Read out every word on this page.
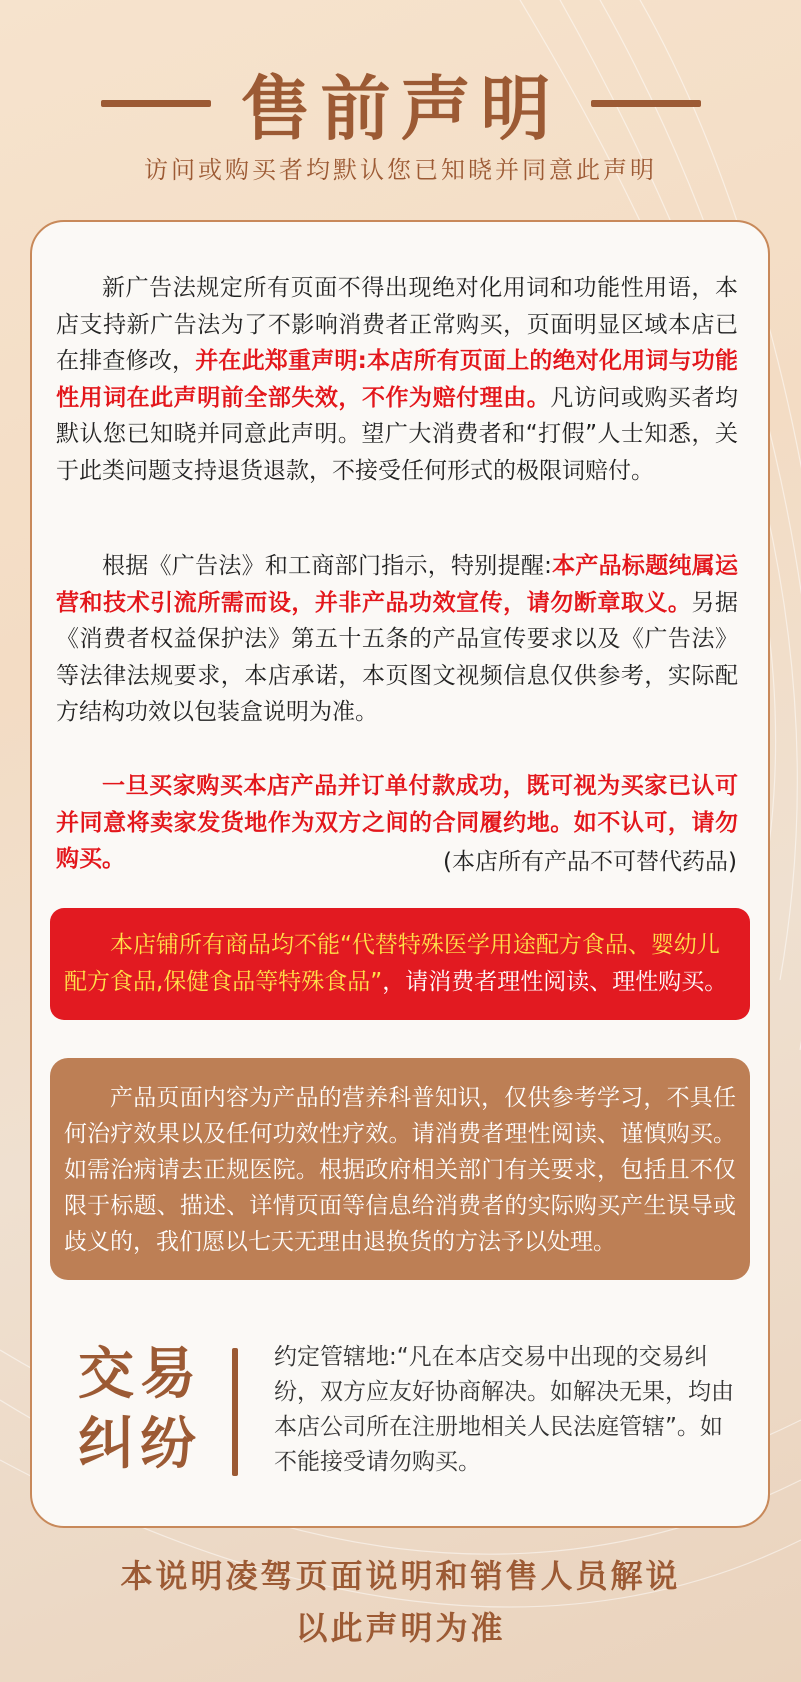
售前声明
访问或购买者均默认您已知晓并同意此声明
新广告法规定所有页面不得出现绝对化用词和功能性用语，本店支持新广告法为了不影响消费者正常购买，页面明显区域本店已在排查修改，并在此郑重声明:本店所有页面上的绝对化用词与功能性用词在此声明前全部失效，不作为赔付理由。凡访问或购买者均默认您已知晓并同意此声明。望广大消费者和“打假”人士知悉，关于此类问题支持退货退款，不接受任何形式的极限词赔付。
根据《广告法》和工商部门指示，特别提醒:本产品标题纯属运营和技术引流所需而设，并非产品功效宣传，请勿断章取义。另据《消费者权益保护法》第五十五条的产品宣传要求以及《广告法》等法律法规要求，本店承诺，本页图文视频信息仅供参考，实际配方结构功效以包装盒说明为准。
一旦买家购买本店产品并订单付款成功，既可视为买家已认可并同意将卖家发货地作为双方之间的合同履约地。如不认可，请勿购买。	(本店所有产品不可替代药品)
本店铺所有商品均不能“代替特殊医学用途配方食品、婴幼儿配方食品,保健食品等特殊食品”，请消费者理性阅读、理性购买。
产品页面内容为产品的营养科普知识，仅供参考学习，不具任何治疗效果以及任何功效性疗效。请消费者理性阅读、谨慎购买。如需治病请去正规医院。根据政府相关部门有关要求，包括且不仅限于标题、描述、详情页面等信息给消费者的实际购买产生误导或歧义的，我们愿以七天无理由退换货的方法予以处理。
交易
纠纷
约定管辖地:“凡在本店交易中出现的交易纠纷，双方应友好协商解决。如解决无果，均由本店公司所在注册地相关人民法庭管辖”。如不能接受请勿购买。
本说明凌驾页面说明和销售人员解说
以此声明为准
